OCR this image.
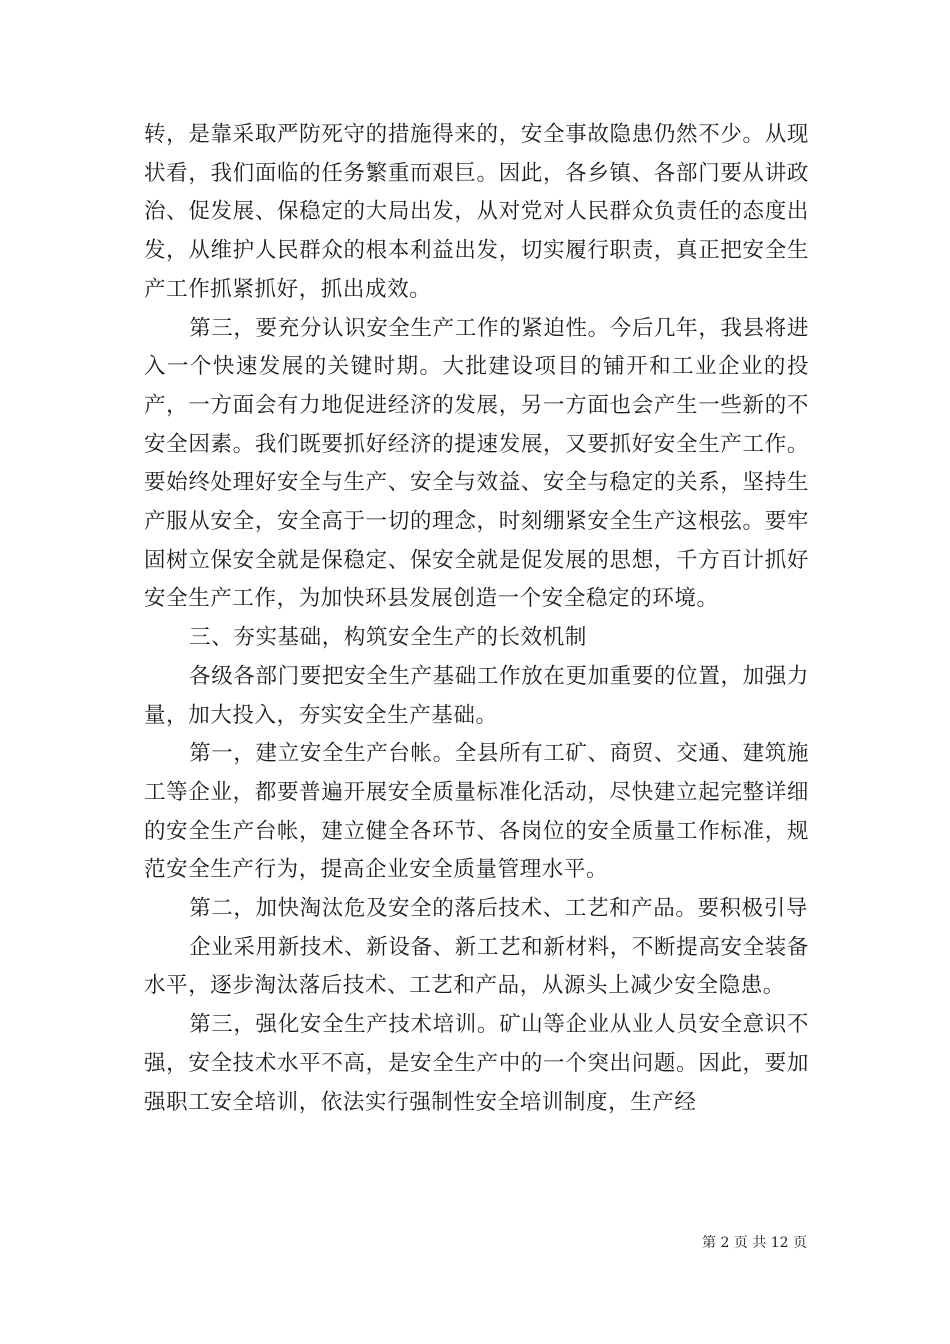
转，是靠采取严防死守的措施得来的，安全事故隐患仍然不少。从现状看，我们面临的任务繁重而艰巨。因此，各乡镇、各部门要从讲政治、促发展、保稳定的大局出发，从对党对人民群众负责任的态度出发，从维护人民群众的根本利益出发，切实履行职责，真正把安全生产工作抓紧抓好，抓出成效。

第三，要充分认识安全生产工作的紧迫性。今后几年，我县将进入一个快速发展的关键时期。大批建设项目的铺开和工业企业的投产，一方面会有力地促进经济的发展，另一方面也会产生一些新的不安全因素。我们既要抓好经济的提速发展，又要抓好安全生产工作。要始终处理好安全与生产、安全与效益、安全与稳定的关系，坚持生产服从安全，安全高于一切的理念，时刻绷紧安全生产这根弦。要牢固树立保安全就是保稳定、保安全就是促发展的思想，千方百计抓好安全生产工作，为加快环县发展创造一个安全稳定的环境。

三、夯实基础，构筑安全生产的长效机制

各级各部门要把安全生产基础工作放在更加重要的位置，加强力量，加大投入，夯实安全生产基础。

第一，建立安全生产台帐。全县所有工矿、商贸、交通、建筑施工等企业，都要普遍开展安全质量标准化活动，尽快建立起完整详细的安全生产台帐，建立健全各环节、各岗位的安全质量工作标准，规范安全生产行为，提高企业安全质量管理水平。

第二，加快淘汰危及安全的落后技术、工艺和产品。要积极引导

企业采用新技术、新设备、新工艺和新材料，不断提高安全装备水平，逐步淘汰落后技术、工艺和产品，从源头上减少安全隐患。

第三，强化安全生产技术培训。矿山等企业从业人员安全意识不强，安全技术水平不高，是安全生产中的一个突出问题。因此，要加强职工安全培训，依法实行强制性安全培训制度，生产经

第 2 页 共 12 页
